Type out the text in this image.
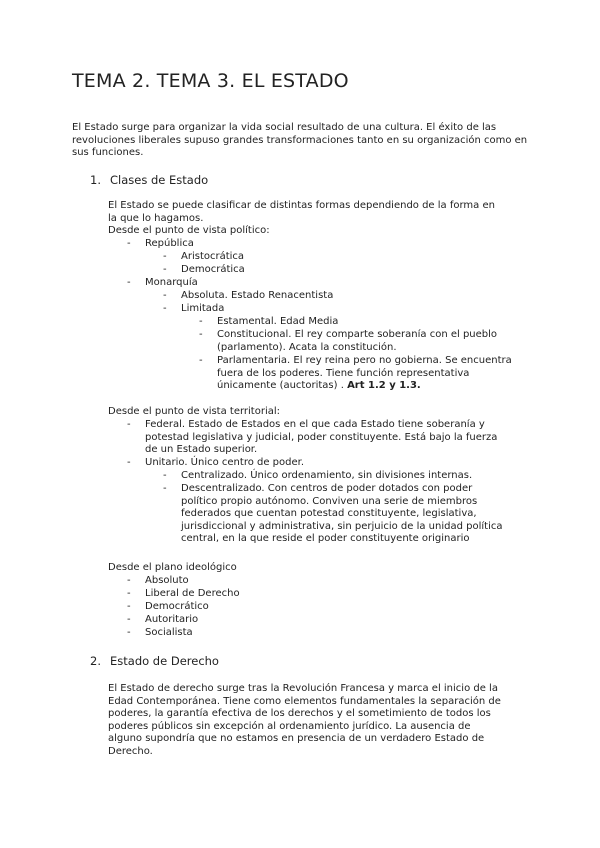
TEMA 2. TEMA 3. EL ESTADO

El Estado surge para organizar la vida social resultado de una cultura. El éxito de las revoluciones liberales supuso grandes transformaciones tanto en su organización como en sus funciones.

1. Clases de Estado

El Estado se puede clasificar de distintas formas dependiendo de la forma en

la que lo hagamos.

Desde el punto de vista político:

- República

- Aristocrática

- Democrática

- Monarquía

- Absoluta. Estado Renacentista

- Limitada

- Estamental. Edad Media

- Constitucional. El rey comparte soberanía con el pueblo

(parlamento). Acata la constitución.

- Parlamentaria. El rey reina pero no gobierna. Se encuentra

fuera de los poderes. Tiene función representativa

únicamente (auctoritas) . Art 1.2 y 1.3.

Desde el punto de vista territorial:

- Federal. Estado de Estados en el que cada Estado tiene soberanía y

potestad legislativa y judicial, poder constituyente. Está bajo la fuerza

de un Estado superior.

- Unitario. Único centro de poder.

- Centralizado. Único ordenamiento, sin divisiones internas.

- Descentralizado. Con centros de poder dotados con poder

político propio autónomo. Conviven una serie de miembros

federados que cuentan potestad constituyente, legislativa,

jurisdiccional y administrativa, sin perjuicio de la unidad política

central, en la que reside el poder constituyente originario

Desde el plano ideológico

- Absoluto

- Liberal de Derecho

- Democrático

- Autoritario

- Socialista

2. Estado de Derecho

El Estado de derecho surge tras la Revolución Francesa y marca el inicio de la

Edad Contemporánea. Tiene como elementos fundamentales la separación de

poderes, la garantía efectiva de los derechos y el sometimiento de todos los

poderes públicos sin excepción al ordenamiento jurídico. La ausencia de

alguno supondría que no estamos en presencia de un verdadero Estado de

Derecho.
